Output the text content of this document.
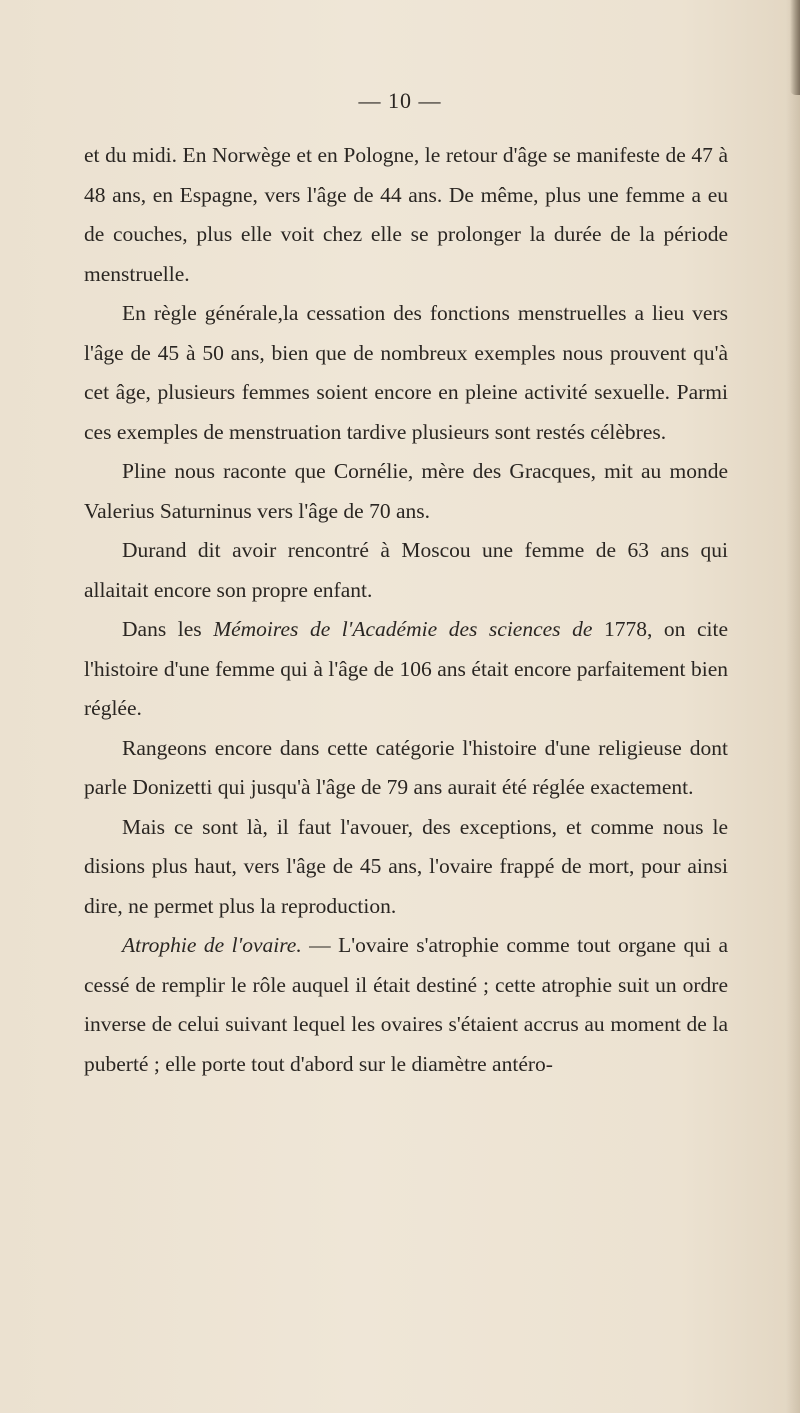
— 10 —

et du midi. En Norwège et en Pologne, le retour d'âge se manifeste de 47 à 48 ans, en Espagne, vers l'âge de 44 ans. De même, plus une femme a eu de couches, plus elle voit chez elle se prolonger la durée de la période menstruelle.

En règle générale,la cessation des fonctions menstruelles a lieu vers l'âge de 45 à 50 ans, bien que de nombreux exemples nous prouvent qu'à cet âge, plusieurs femmes soient encore en pleine activité sexuelle. Parmi ces exemples de menstruation tardive plusieurs sont restés célèbres.

Pline nous raconte que Cornélie, mère des Gracques, mit au monde Valerius Saturninus vers l'âge de 70 ans.

Durand dit avoir rencontré à Moscou une femme de 63 ans qui allaitait encore son propre enfant.

Dans les Mémoires de l'Académie des sciences de 1778, on cite l'histoire d'une femme qui à l'âge de 106 ans était encore parfaitement bien réglée.

Rangeons encore dans cette catégorie l'histoire d'une religieuse dont parle Donizetti qui jusqu'à l'âge de 79 ans aurait été réglée exactement.

Mais ce sont là, il faut l'avouer, des exceptions, et comme nous le disions plus haut, vers l'âge de 45 ans, l'ovaire frappé de mort, pour ainsi dire, ne permet plus la reproduction.

Atrophie de l'ovaire. — L'ovaire s'atrophie comme tout organe qui a cessé de remplir le rôle auquel il était destiné ; cette atrophie suit un ordre inverse de celui suivant lequel les ovaires s'étaient accrus au moment de la puberté ; elle porte tout d'abord sur le diamètre antéro-
